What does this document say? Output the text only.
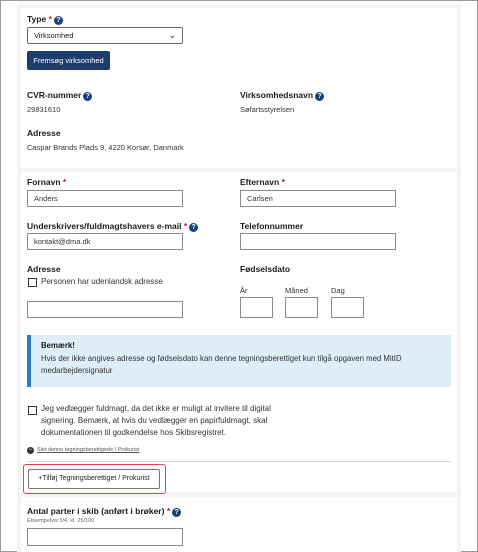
Type * ?
Virksomhed	⌄
Fremsøg virksomhed
CVR-nummer ?
29831610
Virksomhedsnavn ?
Søfartsstyrelsen
Adresse
Caspar Brands Plads 9, 4220 Korsør, Danmark
Fornavn *
Anders
Efternavn *
Carlsen
Underskrivers/fuldmagtshavers e-mail * ?
kontakt@dma.dk
Telefonnummer
Adresse
Personen har udenlandsk adresse
Fødselsdato
År	Måned	Dag
Bemærk!
Hvis der ikke angives adresse og fødselsdato kan denne tegningsberettiget kun tilgå opgaven med MitID medarbejdersignatur
Jeg vedlægger fuldmagt, da det ikke er muligt at invitere til digital signering. Bemærk, at hvis du vedlægger en papirfuldmagt, skal dokumentationen til godkendelse hos Skibsregistret.
− Slet denne tegningsberettigede / Prokurist
+Tilføj Tegningsberettiget / Prokurist
Antal parter i skib (anført i brøker) * ?
Eksempelvis 1/4, el. 25/100
